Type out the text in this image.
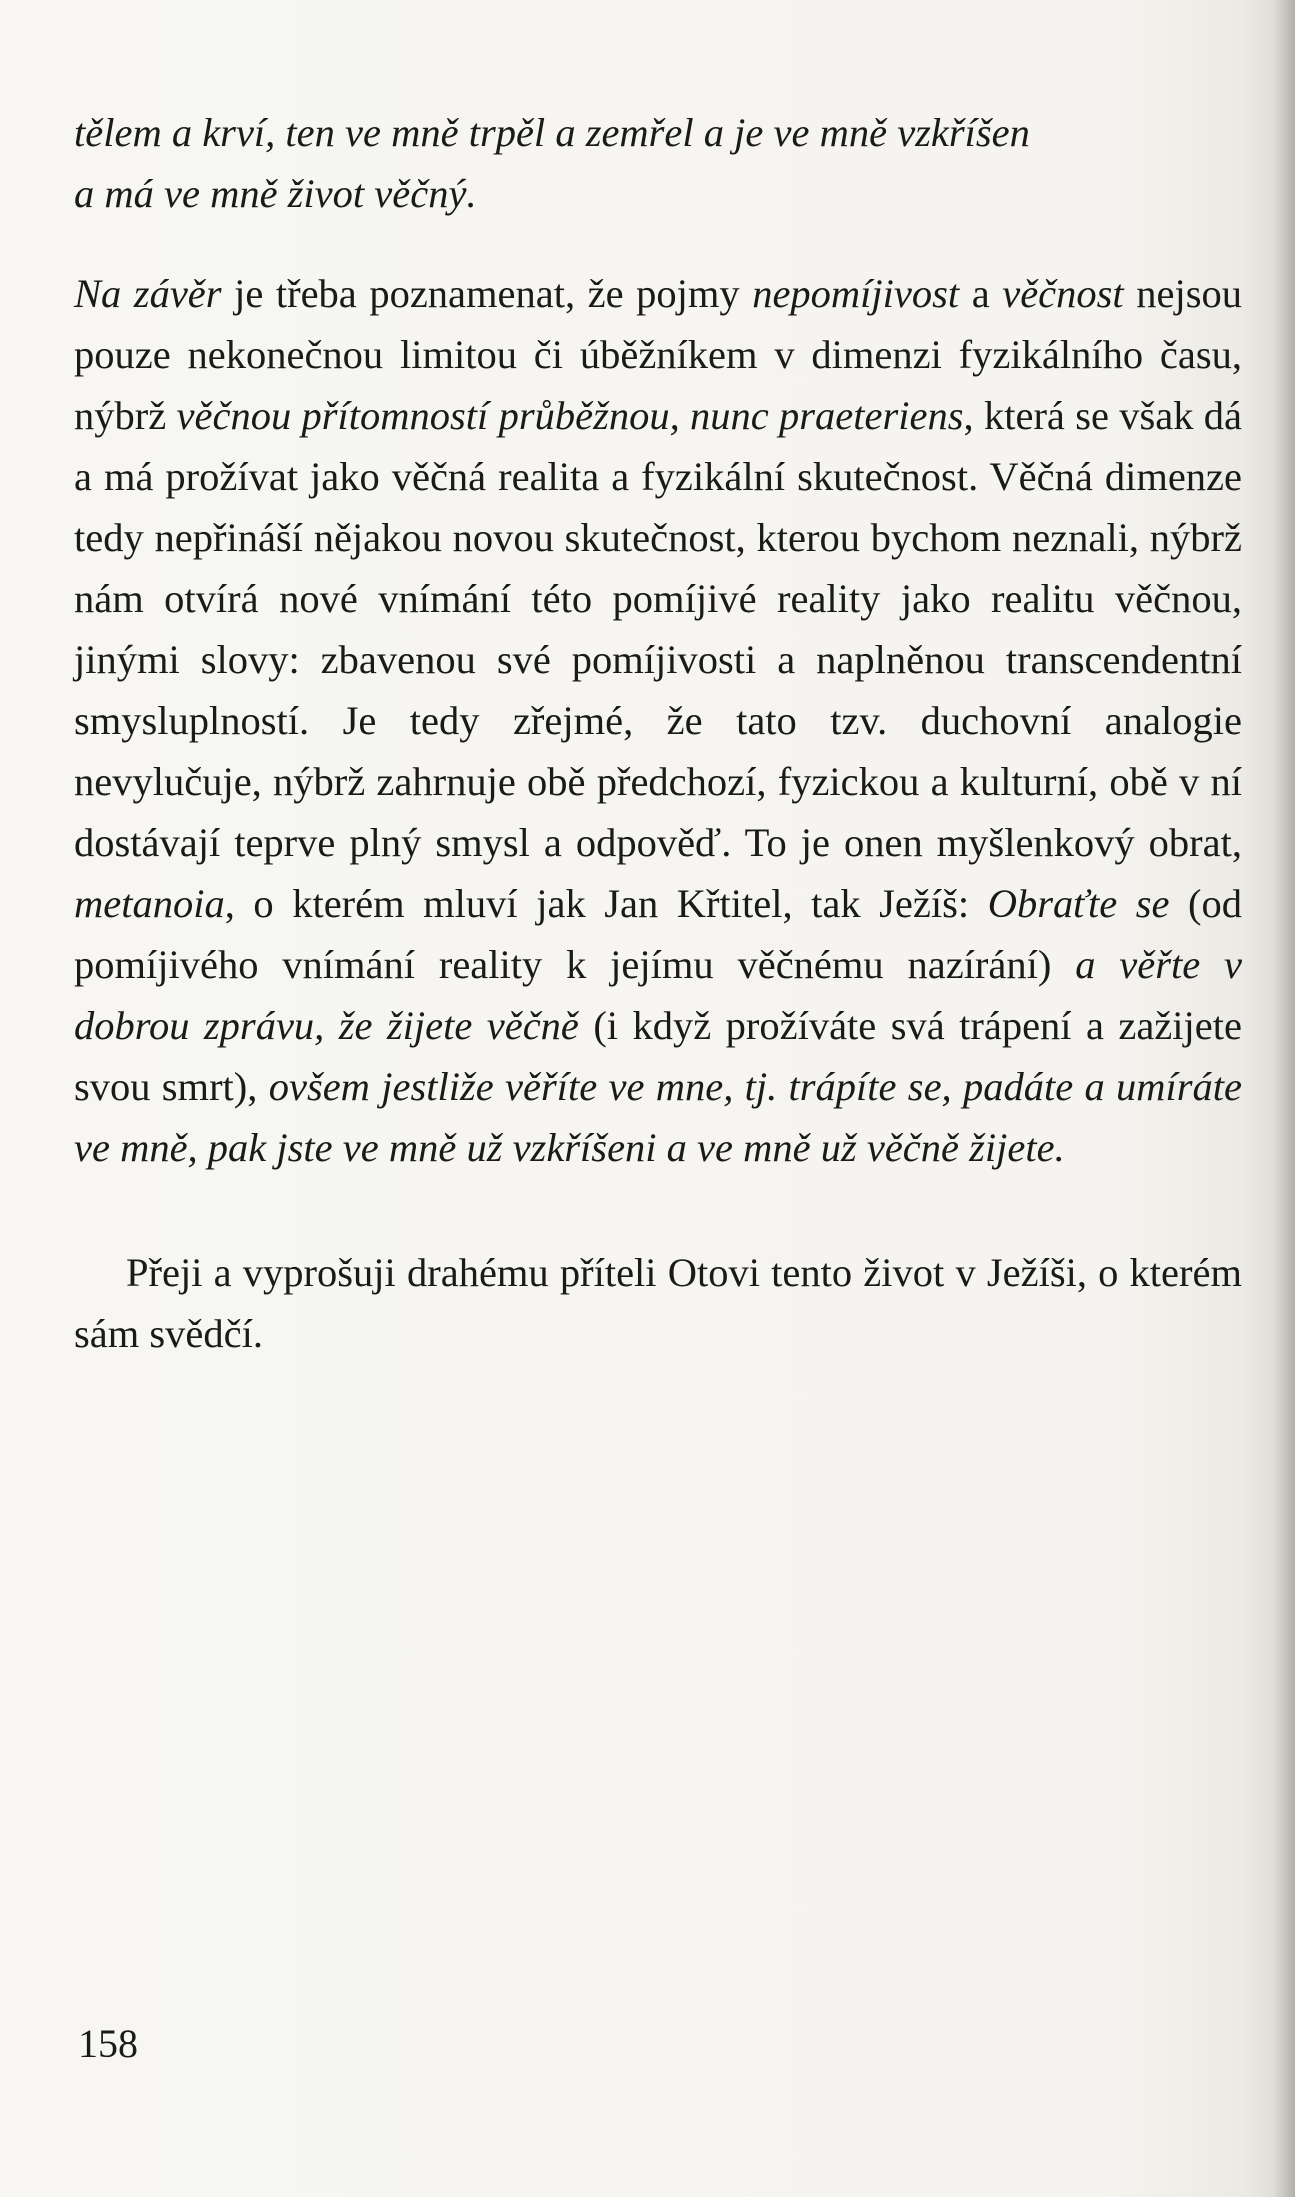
tělem a krví, ten ve mně trpěl a zemřel a je ve mně vzkříšen

a má ve mně život věčný.

Na závěr je třeba poznamenat, že pojmy nepomíjivost a věčnost nejsou pouze nekonečnou limitou či úběžníkem v dimenzi fyzikálního času, nýbrž věčnou přítomností průběžnou, nunc praeteriens, která se však dá a má prožívat jako věčná realita a fyzikální skutečnost. Věčná dimenze tedy nepřináší nějakou novou skutečnost, kterou bychom neznali, nýbrž nám otvírá nové vnímání této pomíjivé reality jako realitu věčnou, jinými slovy: zbavenou své pomíjivosti a naplněnou transcendentní smysluplností. Je tedy zřejmé, že tato tzv. duchovní analogie nevylučuje, nýbrž zahrnuje obě předchozí, fyzickou a kulturní, obě v ní dostávají teprve plný smysl a odpověď. To je onen myšlenkový obrat, metanoia, o kterém mluví jak Jan Křtitel, tak Ježíš: Obraťte se (od pomíjivého vnímání reality k jejímu věčnému nazírání) a věřte v dobrou zprávu, že žijete věčně (i když prožíváte svá trápení a zažijete svou smrt), ovšem jestliže věříte ve mne, tj. trápíte se, padáte a umíráte ve mně, pak jste ve mně už vzkříšeni a ve mně už věčně žijete.

Přeji a vyprošuji drahému příteli Otovi tento život v Ježíši, o kterém sám svědčí.

158
